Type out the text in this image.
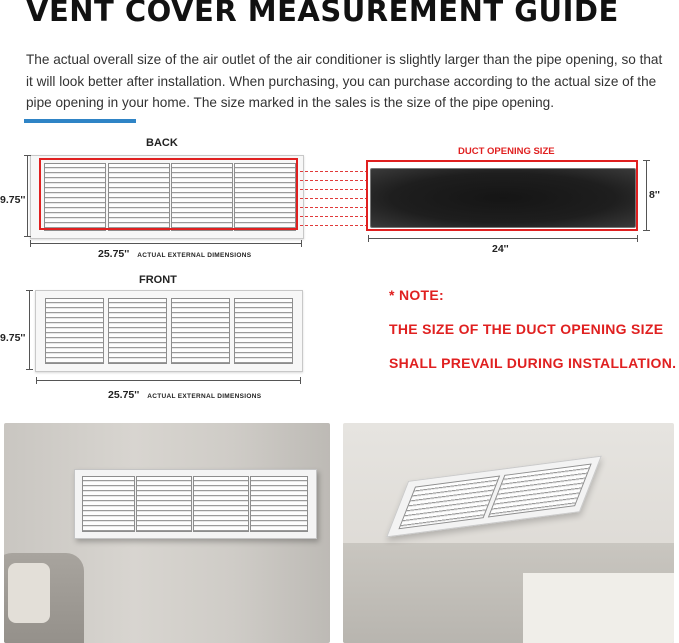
VENT COVER MEASUREMENT GUIDE

The actual overall size of the air outlet of the air conditioner is slightly larger than the pipe opening, so that it will look better after installation. When purchasing, you can purchase according to the actual size of the pipe opening in your home. The size marked in the sales is the size of the pipe opening.

BACK
9.75''
25.75'' ACTUAL EXTERNAL DIMENSIONS
DUCT OPENING SIZE
8''
24''
FRONT
9.75''
25.75'' ACTUAL EXTERNAL DIMENSIONS
* NOTE:
THE SIZE OF THE DUCT OPENING SIZE
SHALL PREVAIL DURING INSTALLATION.
